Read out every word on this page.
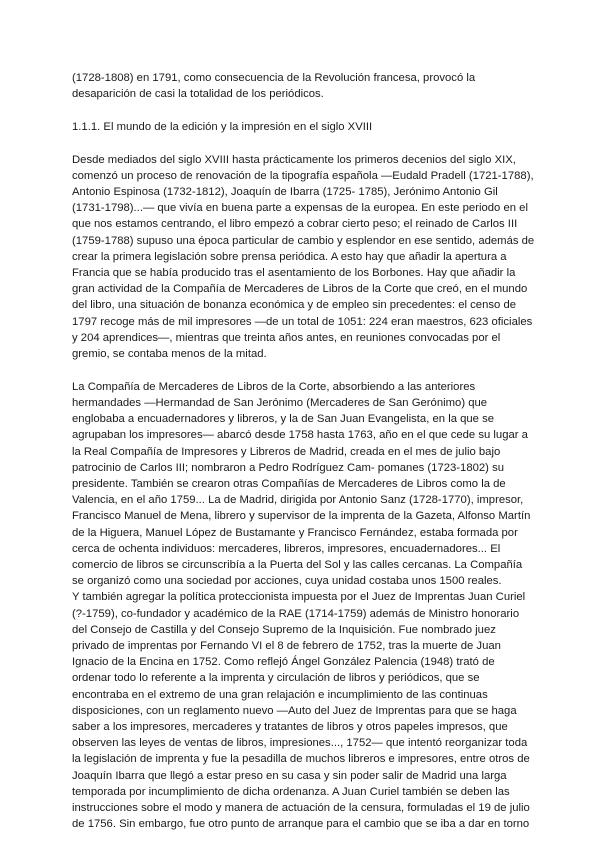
(1728-1808) en 1791, como consecuencia de la Revolución francesa, provocó la
desaparición de casi la totalidad de los periódicos.
1.1.1. El mundo de la edición y la impresión en el siglo XVIII
Desde mediados del siglo XVIII hasta prácticamente los primeros decenios del siglo XIX,
comenzó un proceso de renovación de la tipografía española —Eudald Pradell (1721-1788),
Antonio Espinosa (1732-1812), Joaquín de Ibarra (1725- 1785), Jerónimo Antonio Gil
(1731-1798)...— que vivía en buena parte a expensas de la europea. En este periodo en el
que nos estamos centrando, el libro empezó a cobrar cierto peso; el reinado de Carlos III
(1759-1788) supuso una época particular de cambio y esplendor en ese sentido, además de
crear la primera legislación sobre prensa periódica. A esto hay que añadir la apertura a
Francia que se había producido tras el asentamiento de los Borbones. Hay que añadir la
gran actividad de la Compañía de Mercaderes de Libros de la Corte que creó, en el mundo
del libro, una situación de bonanza económica y de empleo sin precedentes: el censo de
1797 recoge más de mil impresores —de un total de 1051: 224 eran maestros, 623 oficiales
y 204 aprendices—, mientras que treinta años antes, en reuniones convocadas por el
gremio, se contaba menos de la mitad.
La Compañía de Mercaderes de Libros de la Corte, absorbiendo a las anteriores
hermandades —Hermandad de San Jerónimo (Mercaderes de San Gerónimo) que
englobaba a encuadernadores y libreros, y la de San Juan Evangelista, en la que se
agrupaban los impresores— abarcó desde 1758 hasta 1763, año en el que cede su lugar a
la Real Compañía de Impresores y Libreros de Madrid, creada en el mes de julio bajo
patrocinio de Carlos III; nombraron a Pedro Rodríguez Cam- pomanes (1723-1802) su
presidente. También se crearon otras Compañías de Mercaderes de Libros como la de
Valencia, en el año 1759... La de Madrid, dirigida por Antonio Sanz (1728-1770), impresor,
Francisco Manuel de Mena, librero y supervisor de la imprenta de la Gazeta, Alfonso Martín
de la Higuera, Manuel López de Bustamante y Francisco Fernández, estaba formada por
cerca de ochenta individuos: mercaderes, libreros, impresores, encuadernadores... El
comercio de libros se circunscribía a la Puerta del Sol y las calles cercanas. La Compañía
se organizó como una sociedad por acciones, cuya unidad costaba unos 1500 reales.
Y también agregar la política proteccionista impuesta por el Juez de Imprentas Juan Curiel
(?-1759), co-fundador y académico de la RAE (1714-1759) además de Ministro honorario
del Consejo de Castilla y del Consejo Supremo de la Inquisición. Fue nombrado juez
privado de imprentas por Fernando VI el 8 de febrero de 1752, tras la muerte de Juan
Ignacio de la Encina en 1752. Como reflejó Ángel González Palencia (1948) trató de
ordenar todo lo referente a la imprenta y circulación de libros y periódicos, que se
encontraba en el extremo de una gran relajación e incumplimiento de las continuas
disposiciones, con un reglamento nuevo —Auto del Juez de Imprentas para que se haga
saber a los impresores, mercaderes y tratantes de libros y otros papeles impresos, que
observen las leyes de ventas de libros, impresiones..., 1752— que intentó reorganizar toda
la legislación de imprenta y fue la pesadilla de muchos libreros e impresores, entre otros de
Joaquín Ibarra que llegó a estar preso en su casa y sin poder salir de Madrid una larga
temporada por incumplimiento de dicha ordenanza. A Juan Curiel también se deben las
instrucciones sobre el modo y manera de actuación de la censura, formuladas el 19 de julio
de 1756. Sin embargo, fue otro punto de arranque para el cambio que se iba a dar en torno
